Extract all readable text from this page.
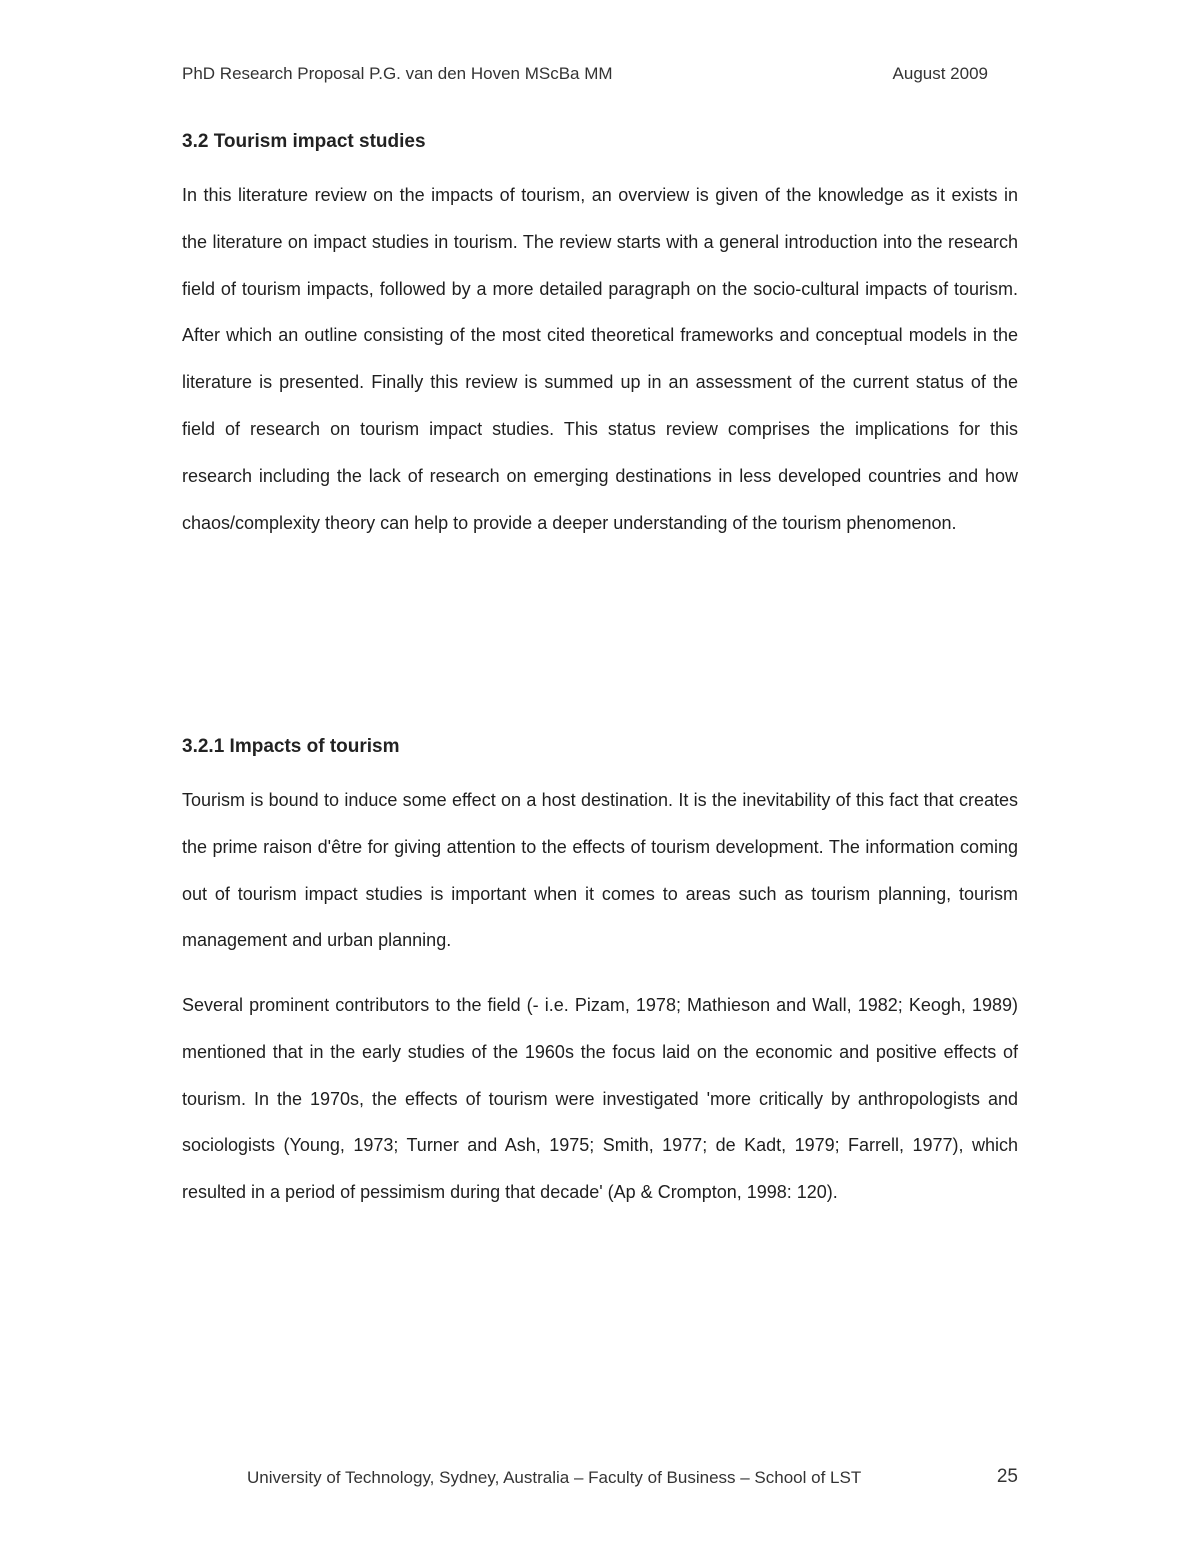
PhD Research Proposal P.G. van den Hoven MScBa MM	August 2009
3.2 Tourism impact studies

In this literature review on the impacts of tourism, an overview is given of the knowledge as it exists in the literature on impact studies in tourism. The review starts with a general introduction into the research field of tourism impacts, followed by a more detailed paragraph on the socio-cultural impacts of tourism. After which an outline consisting of the most cited theoretical frameworks and conceptual models in the literature is presented. Finally this review is summed up in an assessment of the current status of the field of research on tourism impact studies. This status review comprises the implications for this research including the lack of research on emerging destinations in less developed countries and how chaos/complexity theory can help to provide a deeper understanding of the tourism phenomenon.

3.2.1 Impacts of tourism

Tourism is bound to induce some effect on a host destination. It is the inevitability of this fact that creates the prime raison d'être for giving attention to the effects of tourism development. The information coming out of tourism impact studies is important when it comes to areas such as tourism planning, tourism management and urban planning.

Several prominent contributors to the field (- i.e. Pizam, 1978; Mathieson and Wall, 1982; Keogh, 1989) mentioned that in the early studies of the 1960s the focus laid on the economic and positive effects of tourism. In the 1970s, the effects of tourism were investigated 'more critically by anthropologists and sociologists (Young, 1973; Turner and Ash, 1975; Smith, 1977; de Kadt, 1979; Farrell, 1977), which resulted in a period of pessimism during that decade' (Ap & Crompton, 1998: 120).

University of Technology, Sydney, Australia – Faculty of Business – School of LST	25
